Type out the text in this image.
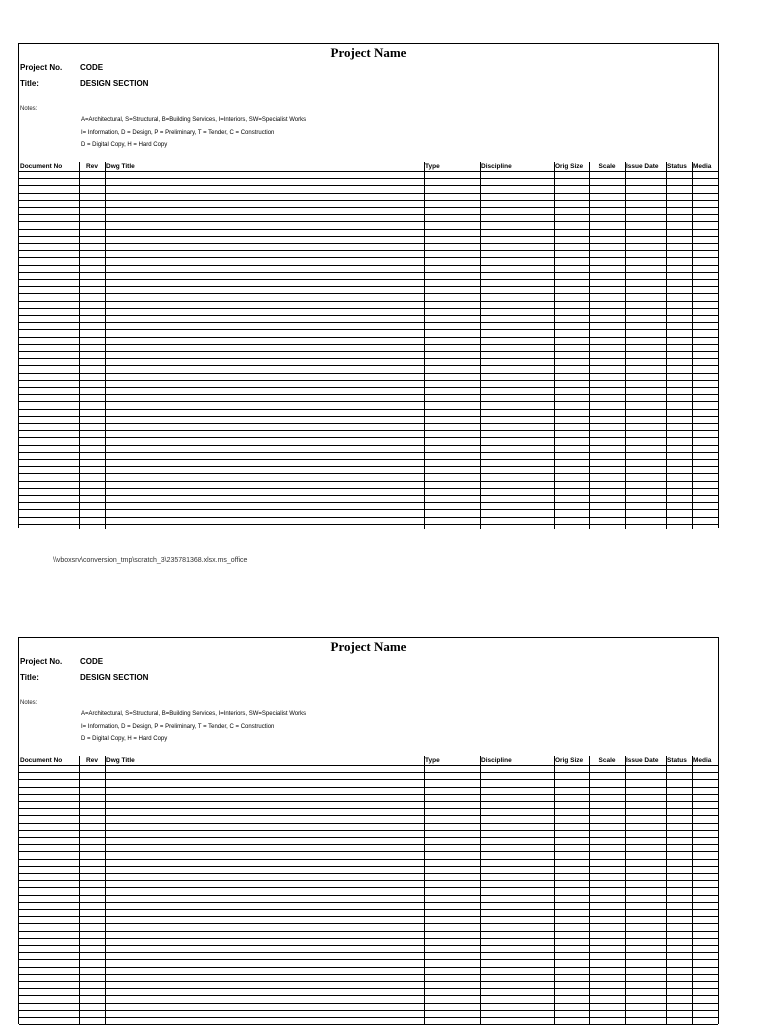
Project Name
Project No. CODE
Title:	DESIGN SECTION
Notes:
A=Architectural, S=Structural, B=Building Services, I=Interiors, SW=Specialist Works
I= Information, D = Design, P = Preliminary, T = Tender, C = Construction
D = Digital Copy, H = Hard Copy
Document No	Rev	Dwg Title	Type	Discipline	Orig Size	Scale	Issue Date	Status Media
\\vboxsrv\conversion_tmp\scratch_3\235781368.xlsx.ms_office
Project Name
Project No. CODE
Title:	DESIGN SECTION
Notes:
A=Architectural, S=Structural, B=Building Services, I=Interiors, SW=Specialist Works
I= Information, D = Design, P = Preliminary, T = Tender, C = Construction
D = Digital Copy, H = Hard Copy
Document No	Rev	Dwg Title	Type	Discipline	Orig Size	Scale	Issue Date	Status Media
